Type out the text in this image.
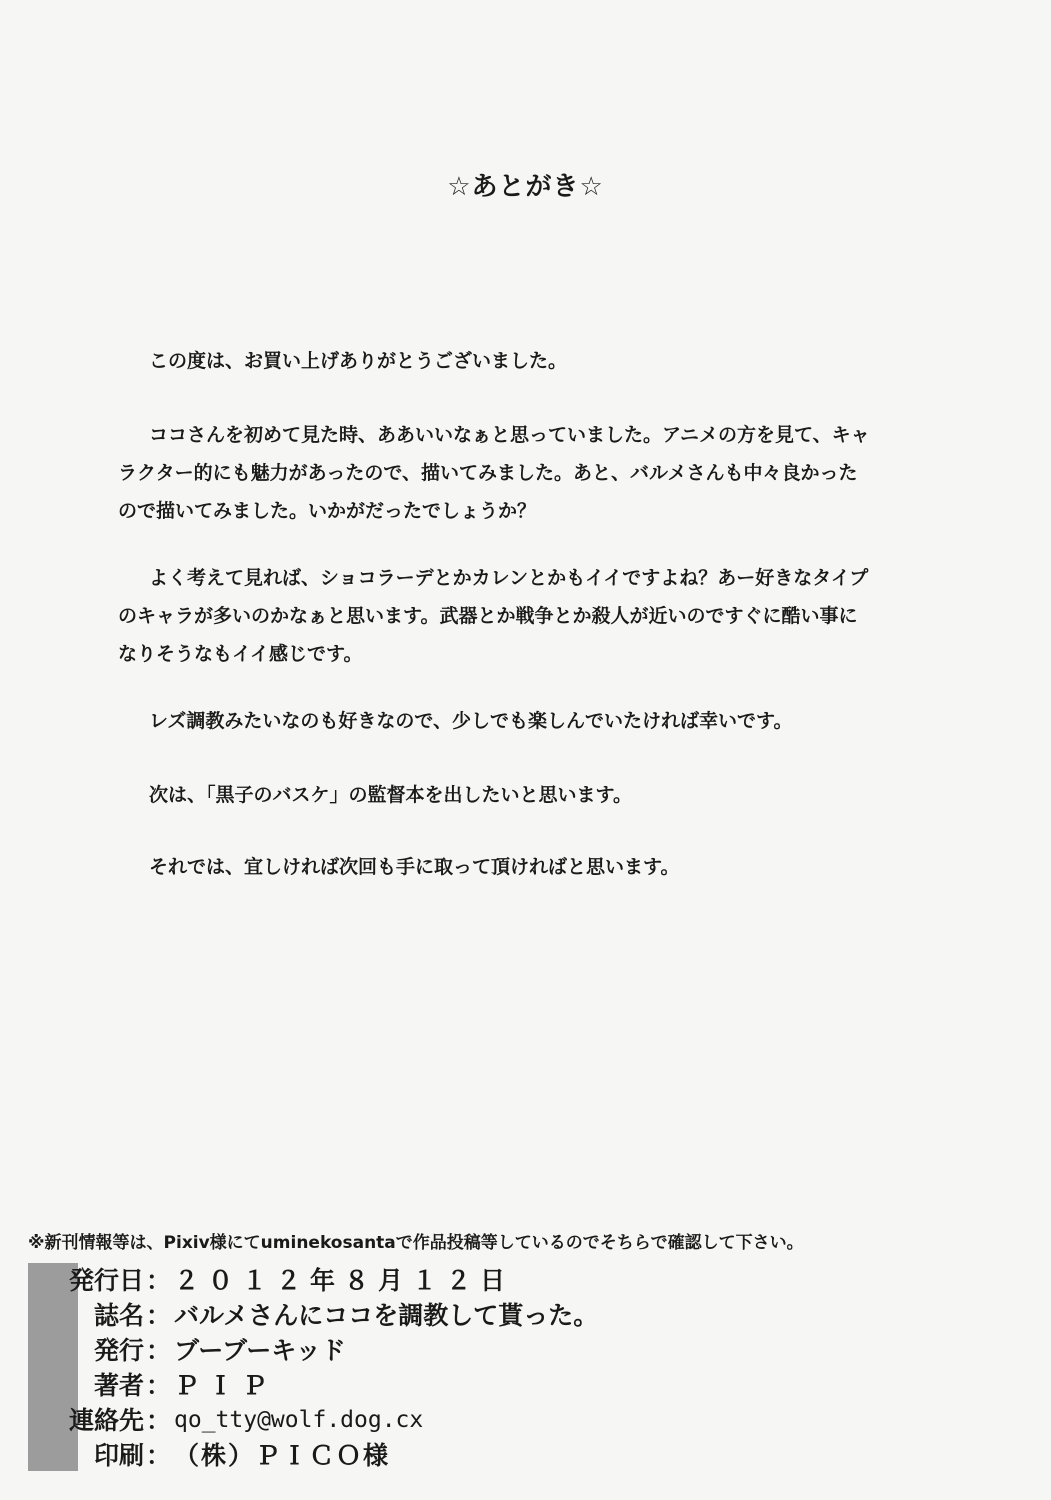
☆あとがき☆
この度は、お買い上げありがとうございました。
ココさんを初めて見た時、ああいいなぁと思っていました。アニメの方を見て、キャ
ラクター的にも魅力があったので、描いてみました。あと、バルメさんも中々良かった
ので描いてみました。いかがだったでしょうか？
よく考えて見れば、ショコラーデとかカレンとかもイイですよね？あー好きなタイプ
のキャラが多いのかなぁと思います。武器とか戦争とか殺人が近いのですぐに酷い事に
なりそうなもイイ感じです。
レズ調教みたいなのも好きなので、少しでも楽しんでいたければ幸いです。
次は、「黒子のバスケ」の監督本を出したいと思います。
それでは、宜しければ次回も手に取って頂ければと思います。
※新刊情報等は、Pixiv様にてuminekosantaで作品投稿等しているのでそちらで確認して下さい。
発行日 ： ２０１２年８月１２日
誌名 ： バルメさんにココを調教して貰った。
発行 ： ブーブーキッド
著者 ： ＰＩＰ
連絡先 ： qo_tty@wolf.dog.cx
印刷 ： （株）ＰＩＣＯ様
